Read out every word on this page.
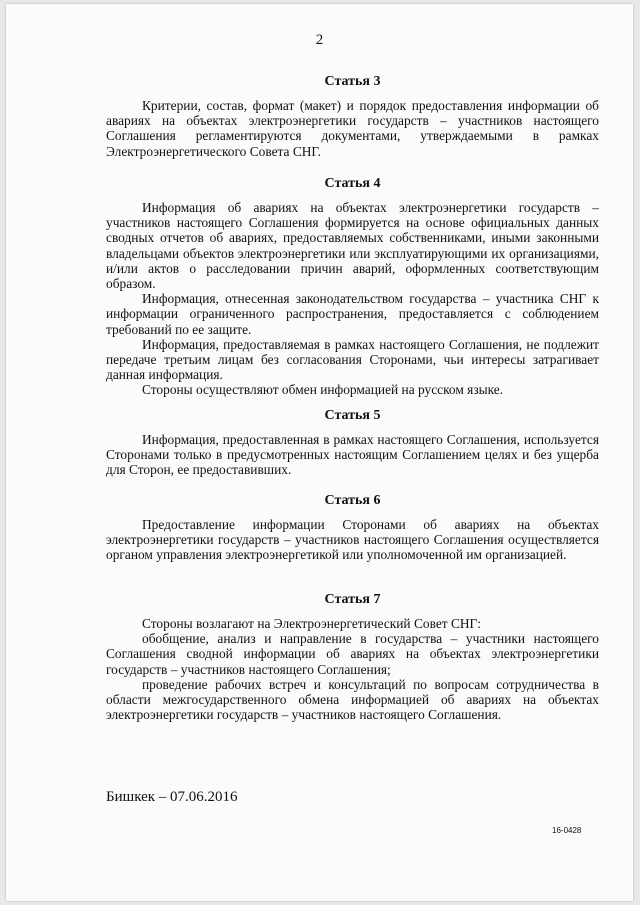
2
Статья 3

Критерии, состав, формат (макет) и порядок предоставления информации об авариях на объектах электроэнергетики государств – участников настоящего Соглашения регламентируются документами, утверждаемыми в рамках Электроэнергетического Совета СНГ.

Статья 4

Информация об авариях на объектах электроэнергетики государств – участников настоящего Соглашения формируется на основе официальных данных сводных отчетов об авариях, предоставляемых собственниками, иными законными владельцами объектов электроэнергетики или эксплуатирующими их организациями, и/или актов о расследовании причин аварий, оформленных соответствующим образом.

Информация, отнесенная законодательством государства – участника СНГ к информации ограниченного распространения, предоставляется с соблюдением требований по ее защите.

Информация, предоставляемая в рамках настоящего Соглашения, не подлежит передаче третьим лицам без согласования Сторонами, чьи интересы затрагивает данная информация.

Стороны осуществляют обмен информацией на русском языке.

Статья 5

Информация, предоставленная в рамках настоящего Соглашения, используется Сторонами только в предусмотренных настоящим Соглашением целях и без ущерба для Сторон, ее предоставивших.

Статья 6

Предоставление информации Сторонами об авариях на объектах электроэнергетики государств – участников настоящего Соглашения осуществляется органом управления электроэнергетикой или уполномоченной им организацией.

Статья 7

Стороны возлагают на Электроэнергетический Совет СНГ:

обобщение, анализ и направление в государства – участники настоящего Соглашения сводной информации об авариях на объектах электроэнергетики государств – участников настоящего Соглашения;

проведение рабочих встреч и консультаций по вопросам сотрудничества в области межгосударственного обмена информацией об авариях на объектах электроэнергетики государств – участников настоящего Соглашения.

Бишкек – 07.06.2016
16-0428
